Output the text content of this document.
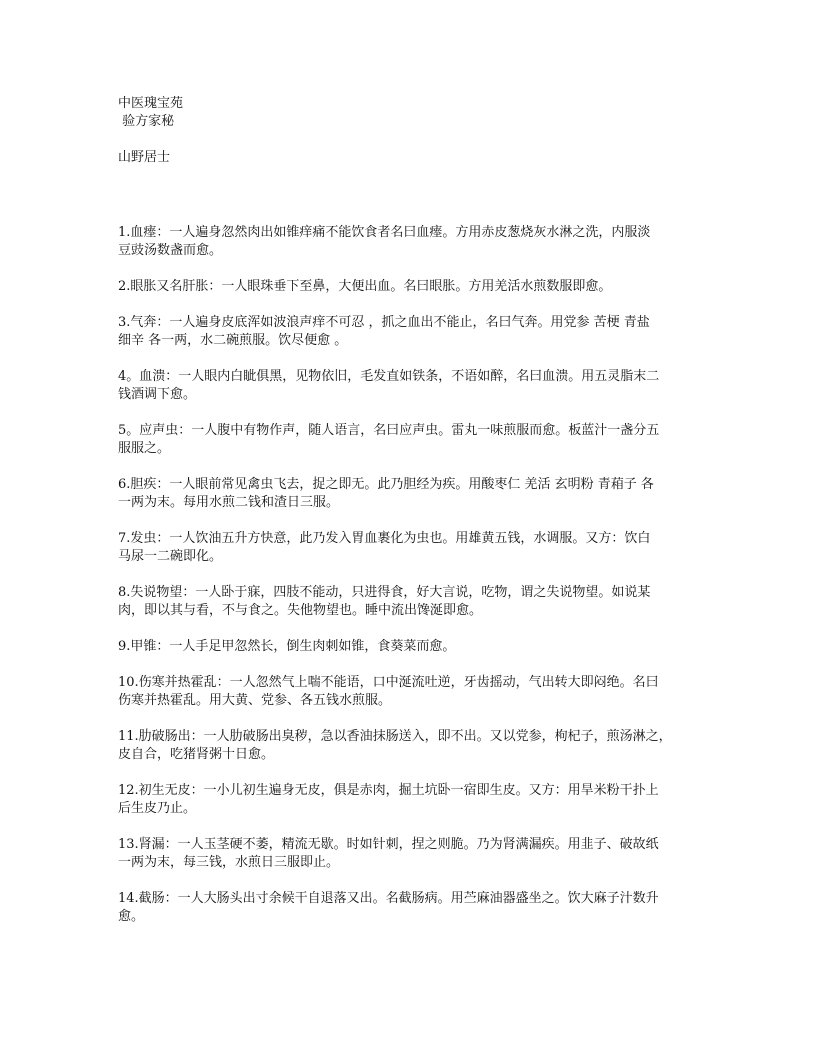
中医瑰宝苑
验方家秘
山野居士
1.血瘗：一人遍身忽然肉出如锥痒痛不能饮食者名曰血瘗。方用赤皮葱烧灰水淋之洗，内服淡
豆豉汤数盏而愈。
2.眼胀又名肝胀：一人眼珠垂下至鼻，大便出血。名曰眼胀。方用羌活水煎数服即愈。
3.气奔：一人遍身皮底浑如波浪声痒不可忍 ，抓之血出不能止，名曰气奔。用党参 苦梗 青盐
细辛 各一两，水二碗煎服。饮尽便愈 。
4。血溃：一人眼内白眦俱黑，见物依旧，毛发直如铁条，不语如醉，名曰血溃。用五灵脂末二
钱酒调下愈。
5。应声虫：一人腹中有物作声，随人语言，名曰应声虫。雷丸一味煎服而愈。板蓝汁一盏分五
服服之。
6.胆疾：一人眼前常见禽虫飞去，捉之即无。此乃胆经为疾。用酸枣仁 羌活 玄明粉 青葙子 各
一两为末。每用水煎二钱和渣日三服。
7.发虫：一人饮油五升方快意，此乃发入胃血裹化为虫也。用雄黄五钱，水调服。又方：饮白
马尿一二碗即化。
8.失说物望：一人卧于寐，四肢不能动，只进得食，好大言说，吃物，谓之失说物望。如说某
肉，即以其与看，不与食之。失他物望也。睡中流出馋涎即愈。
9.甲锥：一人手足甲忽然长，倒生肉刺如锥，食葵菜而愈。
10.伤寒并热霍乱：一人忽然气上喘不能语，口中涎流吐逆，牙齿摇动，气出转大即闷绝。名曰
伤寒并热霍乱。用大黄、党参、各五钱水煎服。
11.肋破肠出：一人肋破肠出臭秽，急以香油抹肠送入，即不出。又以党参，枸杞子，煎汤淋之，
皮自合，吃猪肾粥十日愈。
12.初生无皮：一小儿初生遍身无皮，俱是赤肉，掘土坑卧一宿即生皮。又方：用旱米粉干扑上
后生皮乃止。
13.肾漏：一人玉茎硬不萎，精流无歇。时如针刺，捏之则脆。乃为肾满漏疾。用韭子、破故纸
一两为末，每三钱，水煎日三服即止。
14.截肠：一人大肠头出寸余候干自退落又出。名截肠病。用苎麻油器盛坐之。饮大麻子汁数升
愈。
